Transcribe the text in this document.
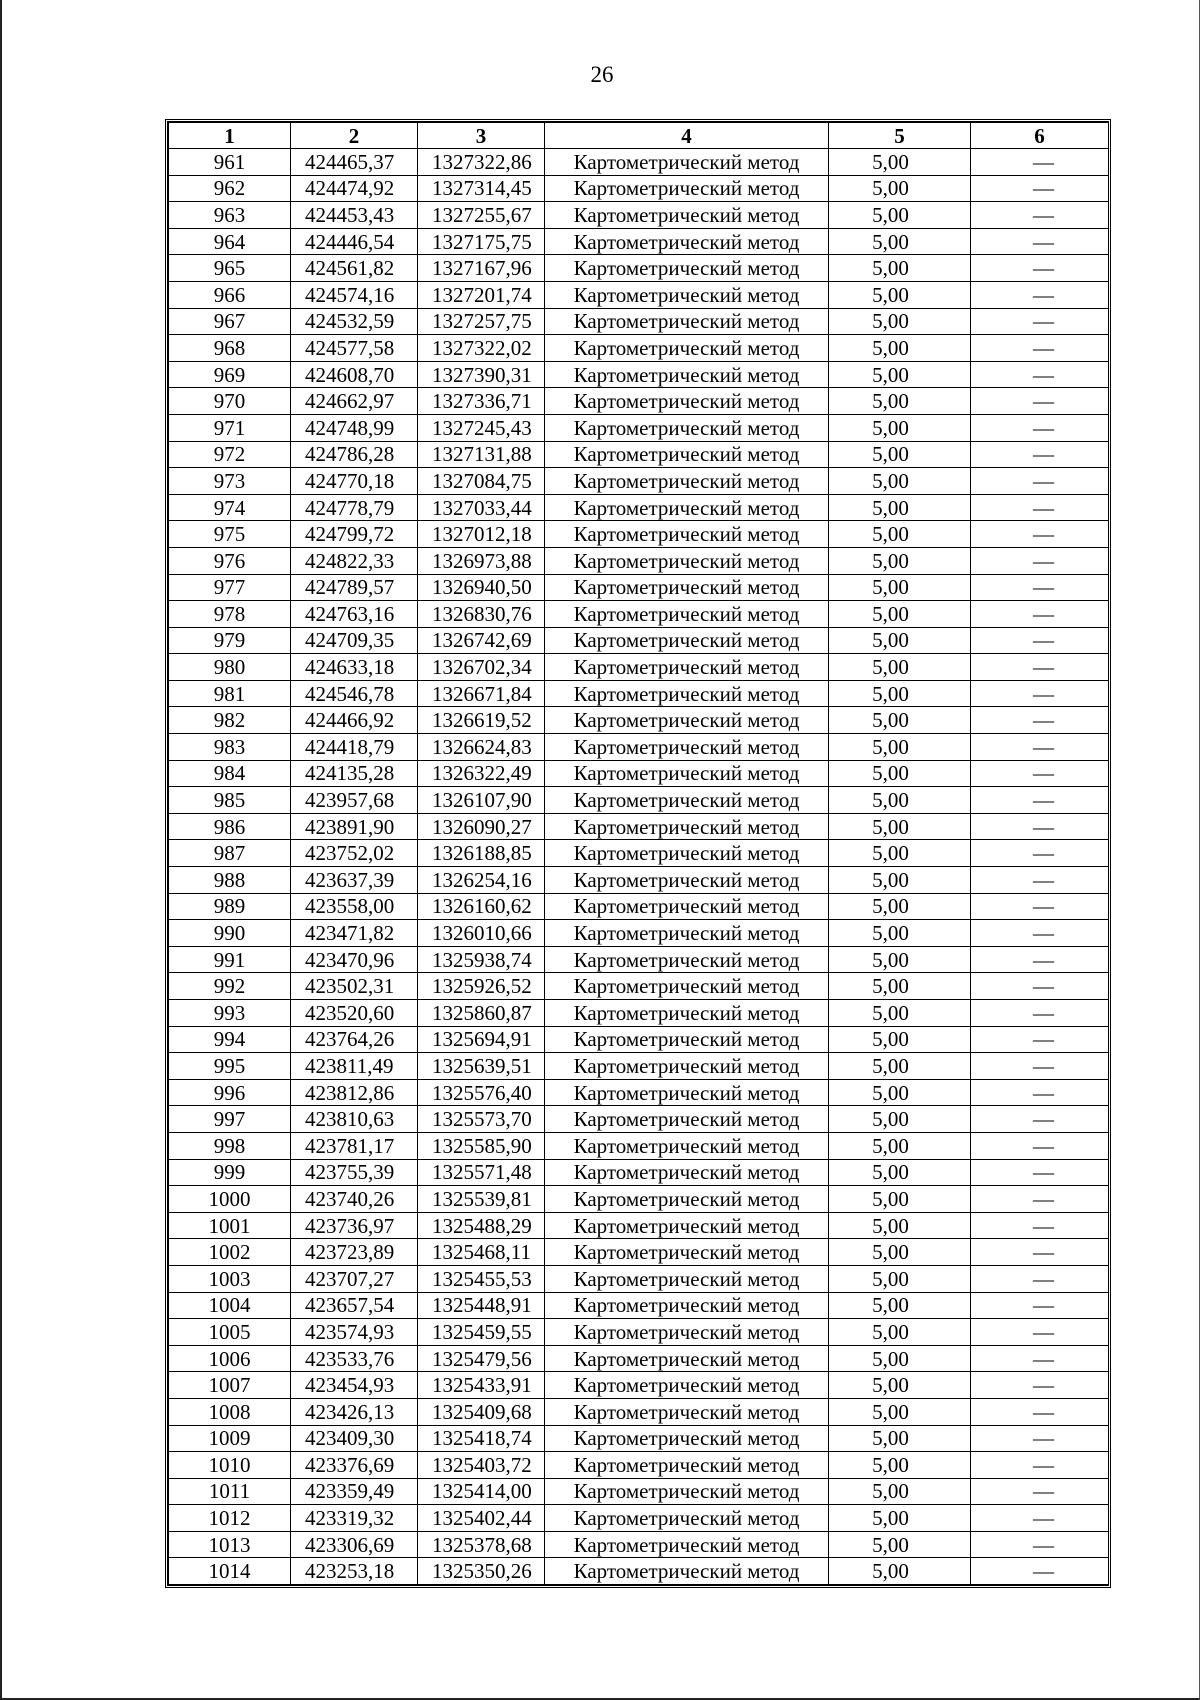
26
1	2	3	4	5	6
961	424465,37	1327322,86	Картометрический метод	5,00	—
962	424474,92	1327314,45	Картометрический метод	5,00	—
963	424453,43	1327255,67	Картометрический метод	5,00	—
964	424446,54	1327175,75	Картометрический метод	5,00	—
965	424561,82	1327167,96	Картометрический метод	5,00	—
966	424574,16	1327201,74	Картометрический метод	5,00	—
967	424532,59	1327257,75	Картометрический метод	5,00	—
968	424577,58	1327322,02	Картометрический метод	5,00	—
969	424608,70	1327390,31	Картометрический метод	5,00	—
970	424662,97	1327336,71	Картометрический метод	5,00	—
971	424748,99	1327245,43	Картометрический метод	5,00	—
972	424786,28	1327131,88	Картометрический метод	5,00	—
973	424770,18	1327084,75	Картометрический метод	5,00	—
974	424778,79	1327033,44	Картометрический метод	5,00	—
975	424799,72	1327012,18	Картометрический метод	5,00	—
976	424822,33	1326973,88	Картометрический метод	5,00	—
977	424789,57	1326940,50	Картометрический метод	5,00	—
978	424763,16	1326830,76	Картометрический метод	5,00	—
979	424709,35	1326742,69	Картометрический метод	5,00	—
980	424633,18	1326702,34	Картометрический метод	5,00	—
981	424546,78	1326671,84	Картометрический метод	5,00	—
982	424466,92	1326619,52	Картометрический метод	5,00	—
983	424418,79	1326624,83	Картометрический метод	5,00	—
984	424135,28	1326322,49	Картометрический метод	5,00	—
985	423957,68	1326107,90	Картометрический метод	5,00	—
986	423891,90	1326090,27	Картометрический метод	5,00	—
987	423752,02	1326188,85	Картометрический метод	5,00	—
988	423637,39	1326254,16	Картометрический метод	5,00	—
989	423558,00	1326160,62	Картометрический метод	5,00	—
990	423471,82	1326010,66	Картометрический метод	5,00	—
991	423470,96	1325938,74	Картометрический метод	5,00	—
992	423502,31	1325926,52	Картометрический метод	5,00	—
993	423520,60	1325860,87	Картометрический метод	5,00	—
994	423764,26	1325694,91	Картометрический метод	5,00	—
995	423811,49	1325639,51	Картометрический метод	5,00	—
996	423812,86	1325576,40	Картометрический метод	5,00	—
997	423810,63	1325573,70	Картометрический метод	5,00	—
998	423781,17	1325585,90	Картометрический метод	5,00	—
999	423755,39	1325571,48	Картометрический метод	5,00	—
1000	423740,26	1325539,81	Картометрический метод	5,00	—
1001	423736,97	1325488,29	Картометрический метод	5,00	—
1002	423723,89	1325468,11	Картометрический метод	5,00	—
1003	423707,27	1325455,53	Картометрический метод	5,00	—
1004	423657,54	1325448,91	Картометрический метод	5,00	—
1005	423574,93	1325459,55	Картометрический метод	5,00	—
1006	423533,76	1325479,56	Картометрический метод	5,00	—
1007	423454,93	1325433,91	Картометрический метод	5,00	—
1008	423426,13	1325409,68	Картометрический метод	5,00	—
1009	423409,30	1325418,74	Картометрический метод	5,00	—
1010	423376,69	1325403,72	Картометрический метод	5,00	—
1011	423359,49	1325414,00	Картометрический метод	5,00	—
1012	423319,32	1325402,44	Картометрический метод	5,00	—
1013	423306,69	1325378,68	Картометрический метод	5,00	—
1014	423253,18	1325350,26	Картометрический метод	5,00	—
